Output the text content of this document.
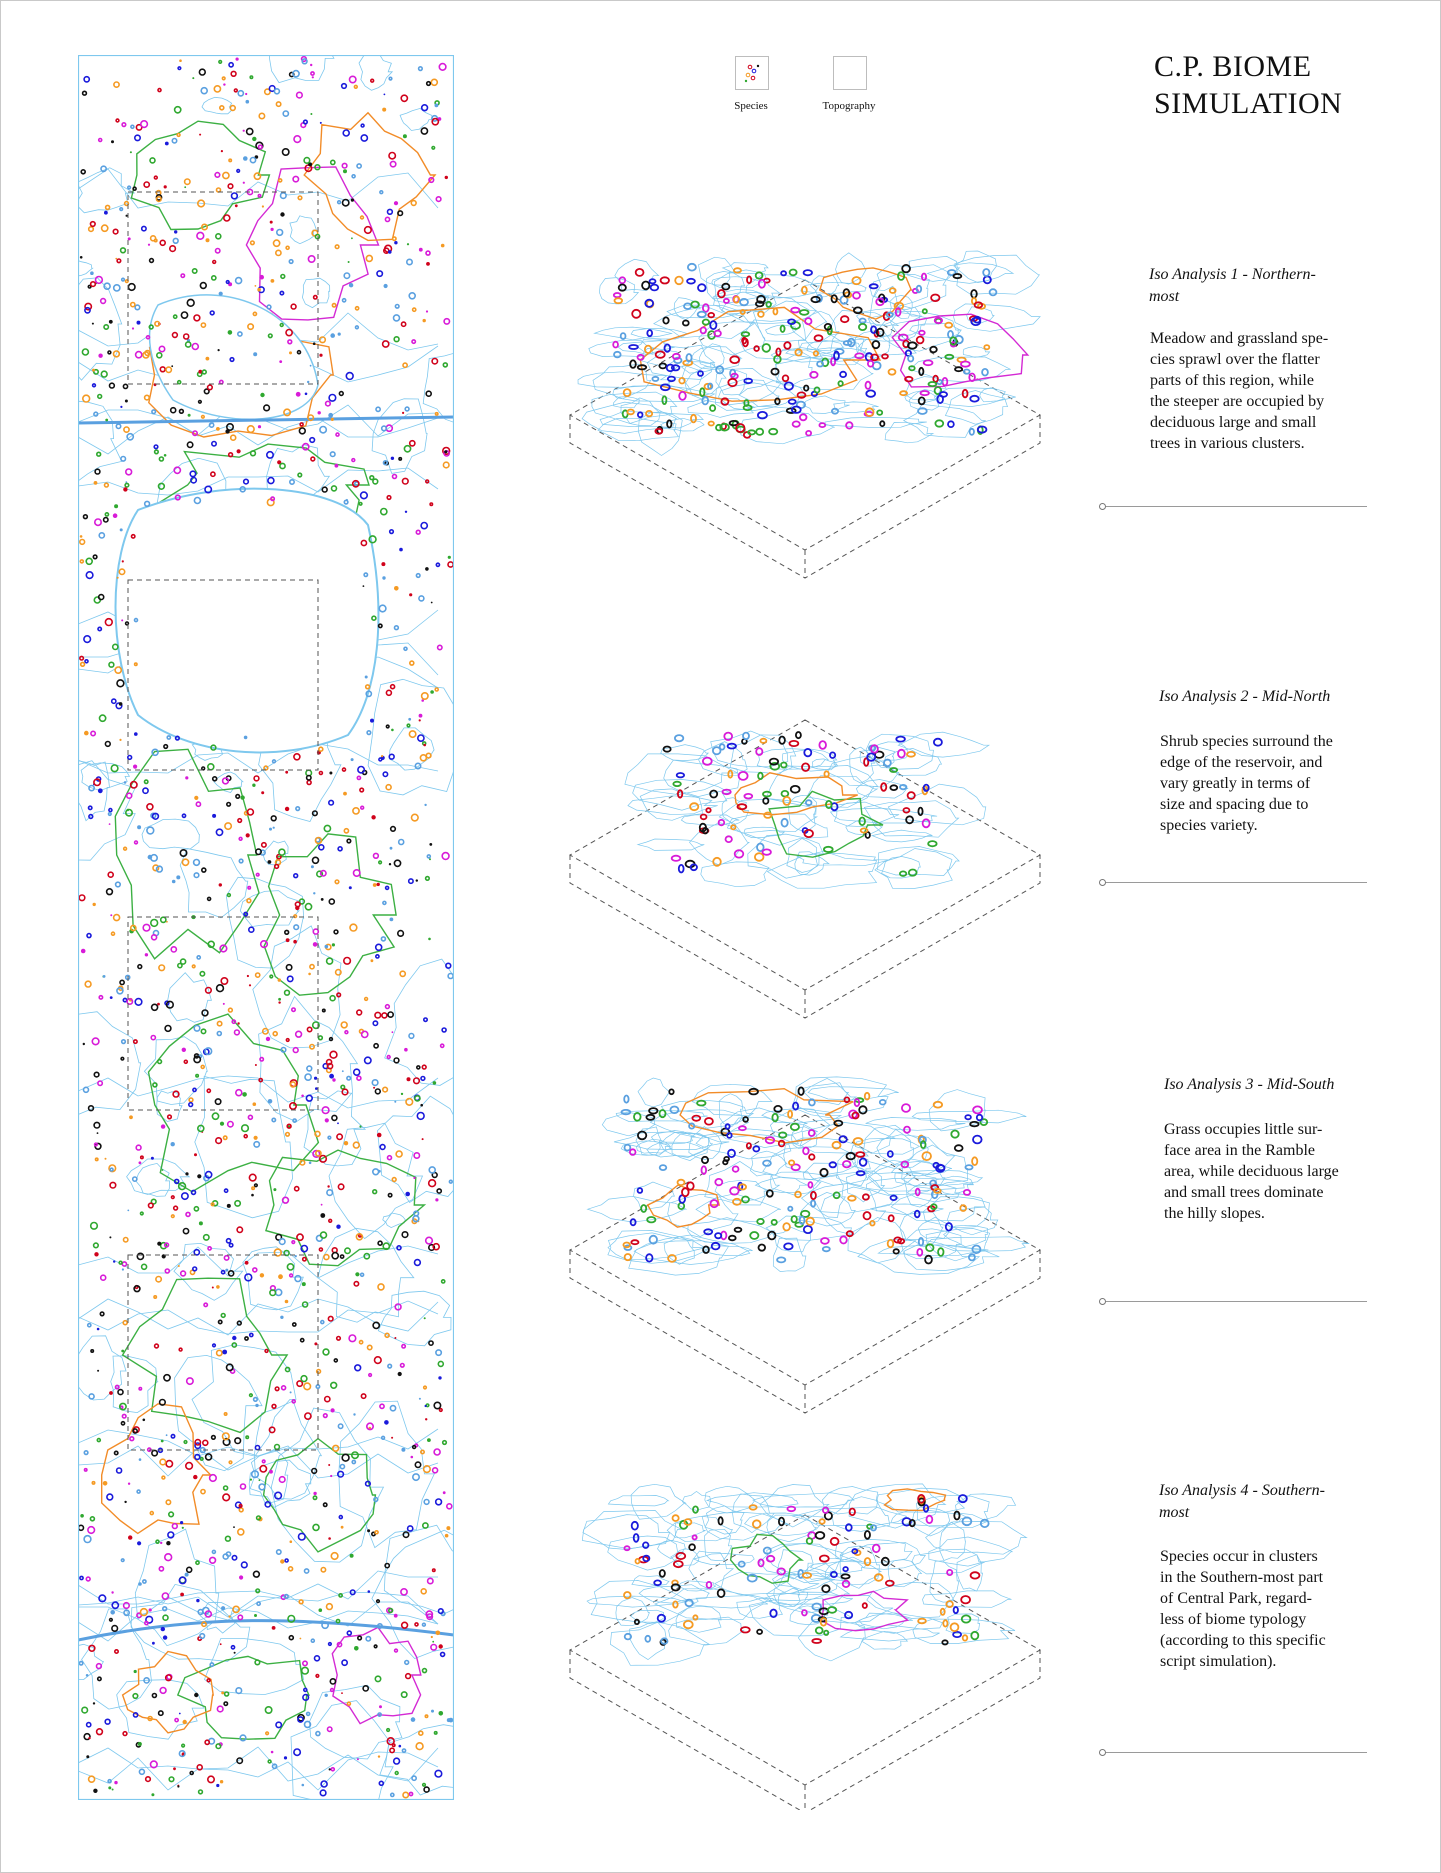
Species	Topography
C.P. BIOME
SIMULATION
Iso Analysis 1 - Northern-
most
Meadow and grassland spe-
cies sprawl over the flatter
parts of this region, while
the steeper are occupied by
deciduous large and small
trees in various clusters.
Iso Analysis 2 - Mid-North
Shrub species surround the
edge of the reservoir, and
vary greatly in terms of
size and spacing due to
species variety.
Iso Analysis 3 - Mid-South
Grass occupies little sur-
face area in the Ramble
area, while deciduous large
and small trees dominate
the hilly slopes.
Iso Analysis 4 - Southern-
most
Species occur in clusters
in the Southern-most part
of Central Park, regard-
less of biome typology
(according to this specific
script simulation).
